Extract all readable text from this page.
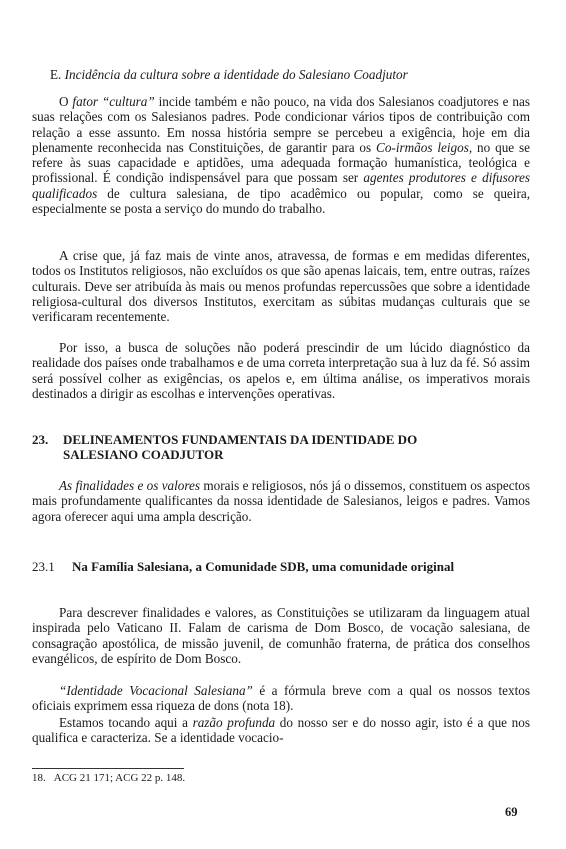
E. Incidência da cultura sobre a identidade do Salesiano Coadjutor

O fator “cultura” incide também e não pouco, na vida dos Salesianos coadjutores e nas suas relações com os Salesianos padres. Pode condicionar vários tipos de contribuição com relação a esse assunto. Em nossa história sempre se percebeu a exigência, hoje em dia plenamente reconhecida nas Constituições, de garantir para os Co-irmãos leigos, no que se refere às suas capacidade e aptidões, uma adequada formação humanística, teológica e profissional. É condição indispensável para que possam ser agentes produtores e difusores qualificados de cultura salesiana, de tipo acadêmico ou popular, como se queira, especialmente se posta a serviço do mundo do trabalho.

A crise que, já faz mais de vinte anos, atravessa, de formas e em medidas diferentes, todos os Institutos religiosos, não excluídos os que são apenas laicais, tem, entre outras, raízes culturais. Deve ser atribuída às mais ou menos profundas repercussões que sobre a identidade religiosa-cultural dos diversos Institutos, exercitam as súbitas mudanças culturais que se verificaram recentemente.

Por isso, a busca de soluções não poderá prescindir de um lúcido diagnóstico da realidade dos países onde trabalhamos e de uma correta interpretação sua à luz da fé. Só assim será possível colher as exigências, os apelos e, em última análise, os imperativos morais destinados a dirigir as escolhas e intervenções operativas.

23. DELINEAMENTOS FUNDAMENTAIS DA IDENTIDADE DO SALESIANO COADJUTOR

As finalidades e os valores morais e religiosos, nós já o dissemos, constituem os aspectos mais profundamente qualificantes da nossa identidade de Salesianos, leigos e padres. Vamos agora oferecer aqui uma ampla descrição.

23.1 Na Família Salesiana, a Comunidade SDB, uma comunidade original

Para descrever finalidades e valores, as Constituições se utilizaram da linguagem atual inspirada pelo Vaticano II. Falam de carisma de Dom Bosco, de vocação salesiana, de consagração apostólica, de missão juvenil, de comunhão fraterna, de prática dos conselhos evangélicos, de espírito de Dom Bosco.

“Identidade Vocacional Salesiana” é a fórmula breve com a qual os nossos textos oficiais exprimem essa riqueza de dons (nota 18).

Estamos tocando aqui a razão profunda do nosso ser e do nosso agir, isto é a que nos qualifica e caracteriza. Se a identidade vocacio-

18. ACG 21 171; ACG 22 p. 148.

69
